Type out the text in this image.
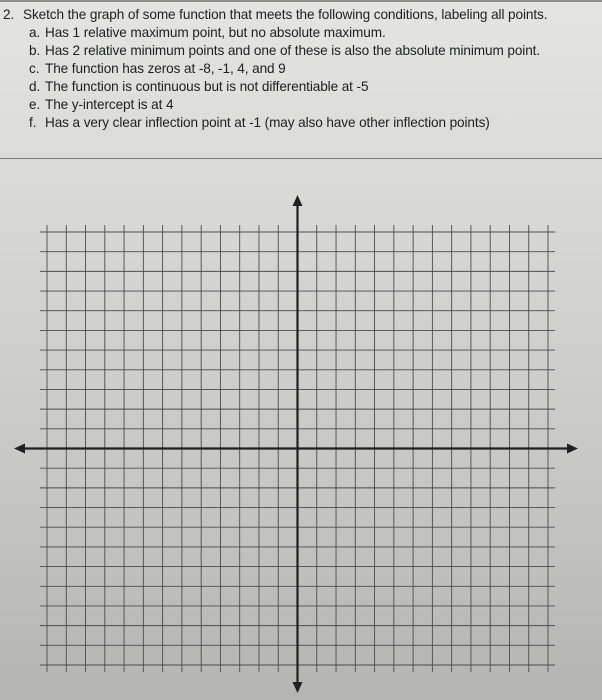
2. Sketch the graph of some function that meets the following conditions, labeling all points.
a. Has 1 relative maximum point, but no absolute maximum.
b. Has 2 relative minimum points and one of these is also the absolute minimum point.
c. The function has zeros at -8, -1, 4, and 9
d. The function is continuous but is not differentiable at -5
e. The y-intercept is at 4
f. Has a very clear inflection point at -1 (may also have other inflection points)
